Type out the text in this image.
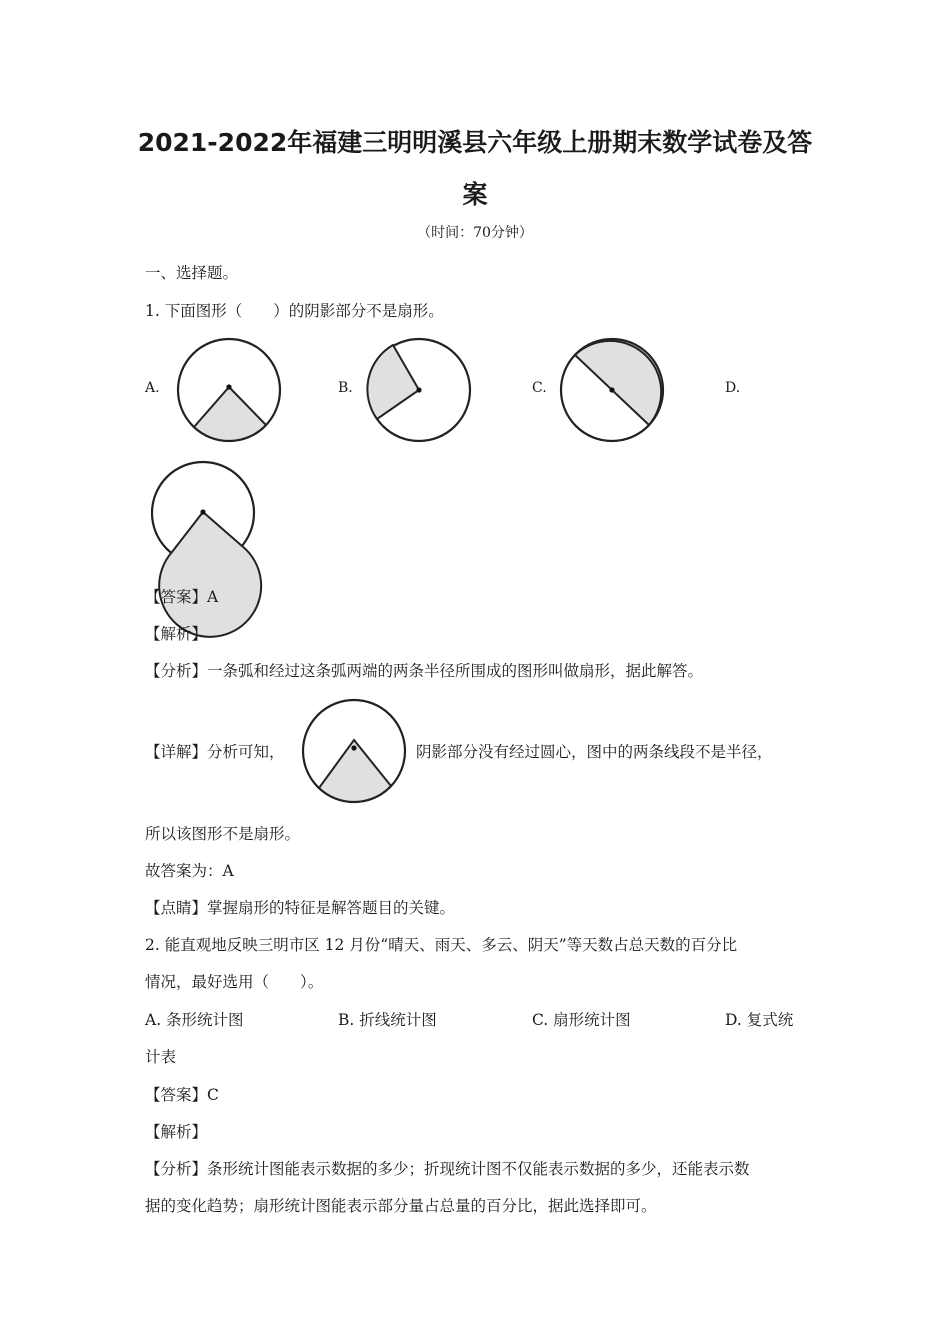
2021-2022年福建三明明溪县六年级上册期末数学试卷及答
案
（时间：70分钟）
一、选择题。
1. 下面图形（　　）的阴影部分不是扇形。
A.	B.	C.	D.
【答案】A
【解析】
【分析】一条弧和经过这条弧两端的两条半径所围成的图形叫做扇形，据此解答。
【详解】分析可知，	阴影部分没有经过圆心，图中的两条线段不是半径，
所以该图形不是扇形。
故答案为：A
【点睛】掌握扇形的特征是解答题目的关键。
2. 能直观地反映三明市区 12 月份“晴天、雨天、多云、阴天”等天数占总天数的百分比
情况，最好选用（　　）。
A. 条形统计图	B. 折线统计图	C. 扇形统计图	D. 复式统
计表
【答案】C
【解析】
【分析】条形统计图能表示数据的多少；折现统计图不仅能表示数据的多少，还能表示数
据的变化趋势；扇形统计图能表示部分量占总量的百分比，据此选择即可。
